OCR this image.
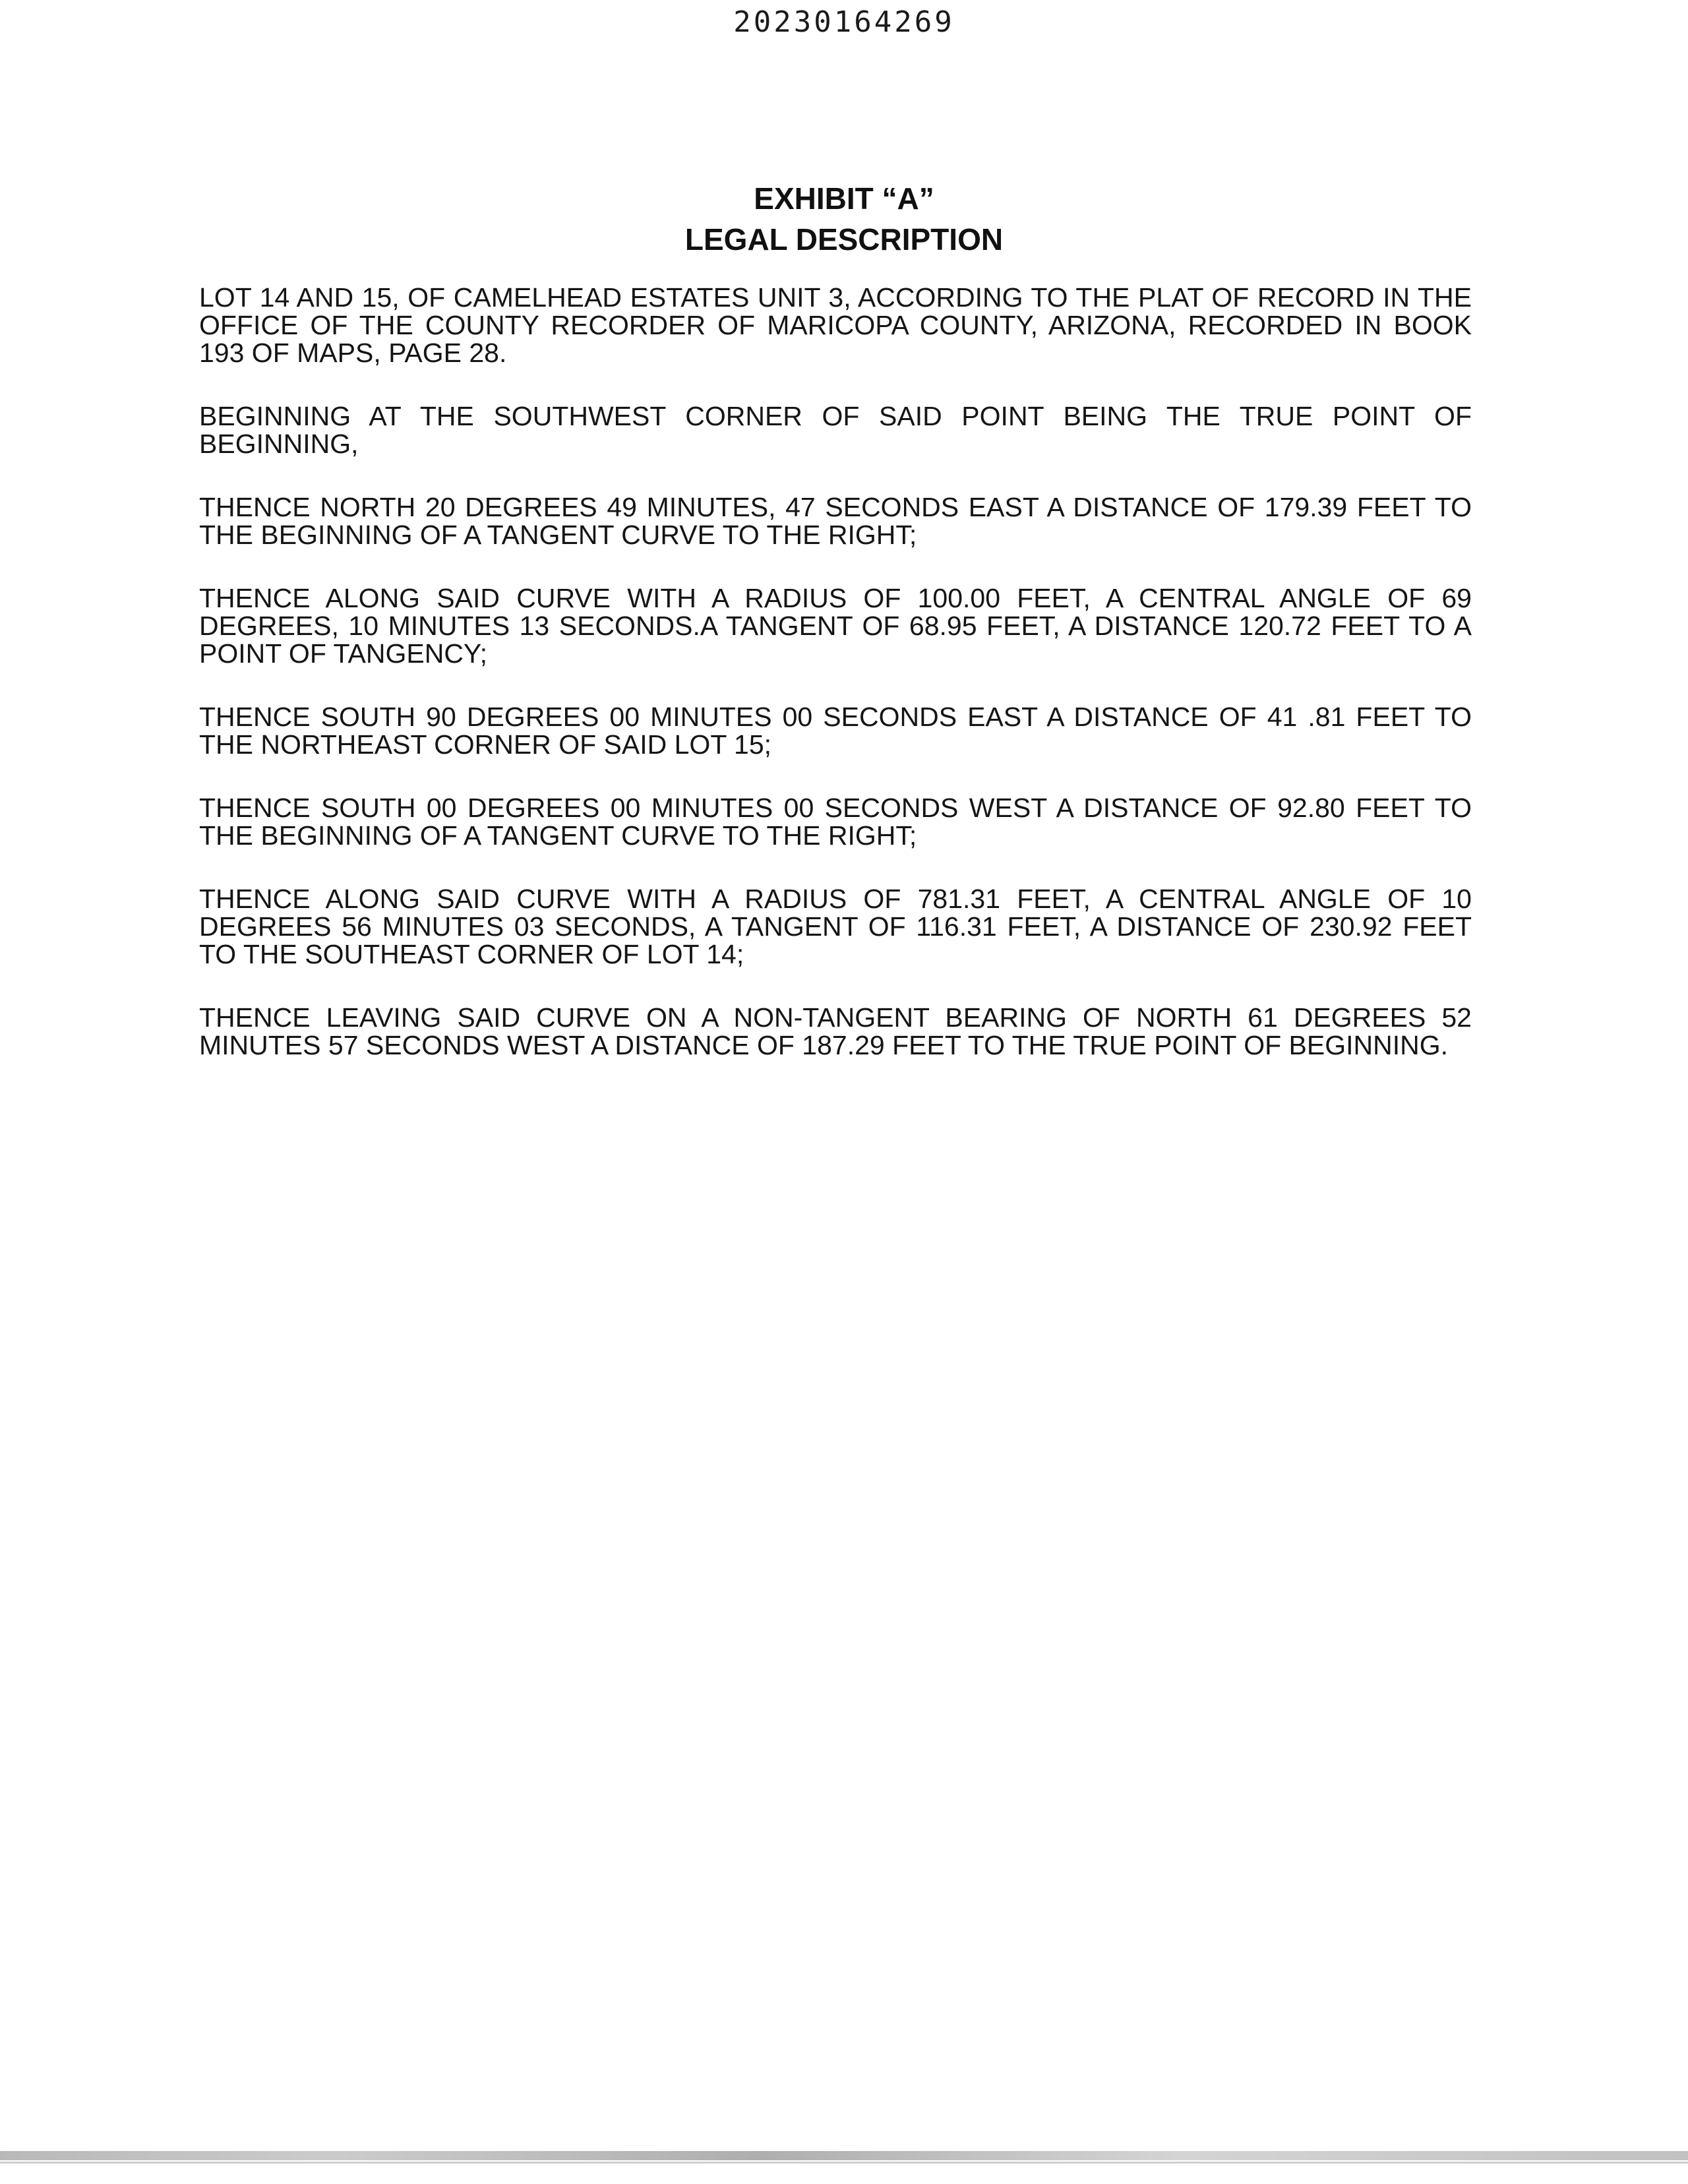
20230164269
EXHIBIT “A”
LEGAL DESCRIPTION

LOT 14 AND 15, OF CAMELHEAD ESTATES UNIT 3, ACCORDING TO THE PLAT OF RECORD IN THE OFFICE OF THE COUNTY RECORDER OF MARICOPA COUNTY, ARIZONA, RECORDED IN BOOK 193 OF MAPS, PAGE 28.

BEGINNING AT THE SOUTHWEST CORNER OF SAID POINT BEING THE TRUE POINT OF BEGINNING,

THENCE NORTH 20 DEGREES 49 MINUTES, 47 SECONDS EAST A DISTANCE OF 179.39 FEET TO THE BEGINNING OF A TANGENT CURVE TO THE RIGHT;

THENCE ALONG SAID CURVE WITH A RADIUS OF 100.00 FEET, A CENTRAL ANGLE OF 69 DEGREES, 10 MINUTES 13 SECONDS.A TANGENT OF 68.95 FEET, A DISTANCE 120.72 FEET TO A POINT OF TANGENCY;

THENCE SOUTH 90 DEGREES 00 MINUTES 00 SECONDS EAST A DISTANCE OF 41 .81 FEET TO THE NORTHEAST CORNER OF SAID LOT 15;

THENCE SOUTH 00 DEGREES 00 MINUTES 00 SECONDS WEST A DISTANCE OF 92.80 FEET TO THE BEGINNING OF A TANGENT CURVE TO THE RIGHT;

THENCE ALONG SAID CURVE WITH A RADIUS OF 781.31 FEET, A CENTRAL ANGLE OF 10 DEGREES 56 MINUTES 03 SECONDS, A TANGENT OF 116.31 FEET, A DISTANCE OF 230.92 FEET TO THE SOUTHEAST CORNER OF LOT 14;

THENCE LEAVING SAID CURVE ON A NON-TANGENT BEARING OF NORTH 61 DEGREES 52 MINUTES 57 SECONDS WEST A DISTANCE OF 187.29 FEET TO THE TRUE POINT OF BEGINNING.
